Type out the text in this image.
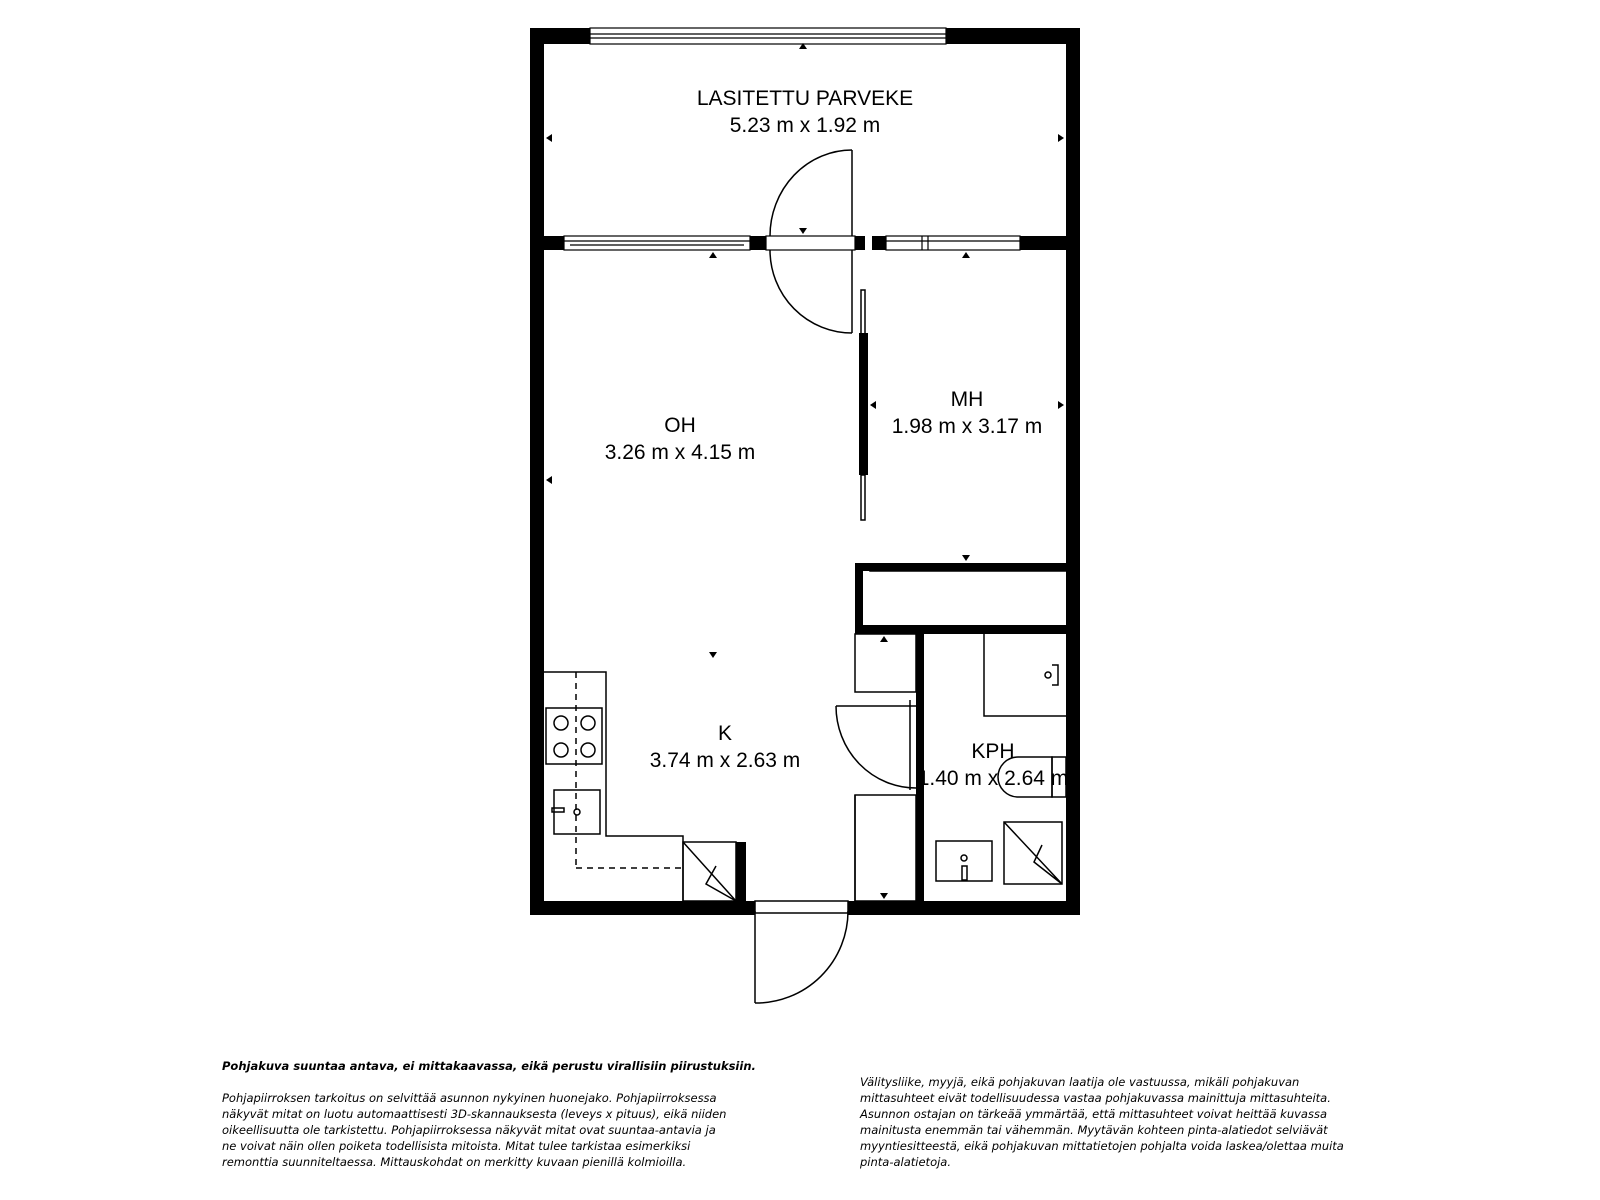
LASITETTU PARVEKE
5.23 m x 1.92 m
OH
3.26 m x 4.15 m
MH
1.98 m x 3.17 m
K
3.74 m x 2.63 m	KPH
1.40 m x 2.64 m

Pohjakuva suuntaa antava, ei mittakaavassa, eikä perustu virallisiin piirustuksiin.

Pohjapiirroksen tarkoitus on selvittää asunnon nykyinen huonejako. Pohjapiirroksessa

näkyvät mitat on luotu automaattisesti 3D-skannauksesta (leveys x pituus), eikä niiden

oikeellisuutta ole tarkistettu. Pohjapiirroksessa näkyvät mitat ovat suuntaa-antavia ja

ne voivat näin ollen poiketa todellisista mitoista. Mitat tulee tarkistaa esimerkiksi

remonttia suunniteltaessa. Mittauskohdat on merkitty kuvaan pienillä kolmioilla.

Välitysliike, myyjä, eikä pohjakuvan laatija ole vastuussa, mikäli pohjakuvan

mittasuhteet eivät todellisuudessa vastaa pohjakuvassa mainittuja mittasuhteita.

Asunnon ostajan on tärkeää ymmärtää, että mittasuhteet voivat heittää kuvassa

mainitusta enemmän tai vähemmän. Myytävän kohteen pinta-alatiedot selviävät

myyntiesitteestä, eikä pohjakuvan mittatietojen pohjalta voida laskea/olettaa muita

pinta-alatietoja.
